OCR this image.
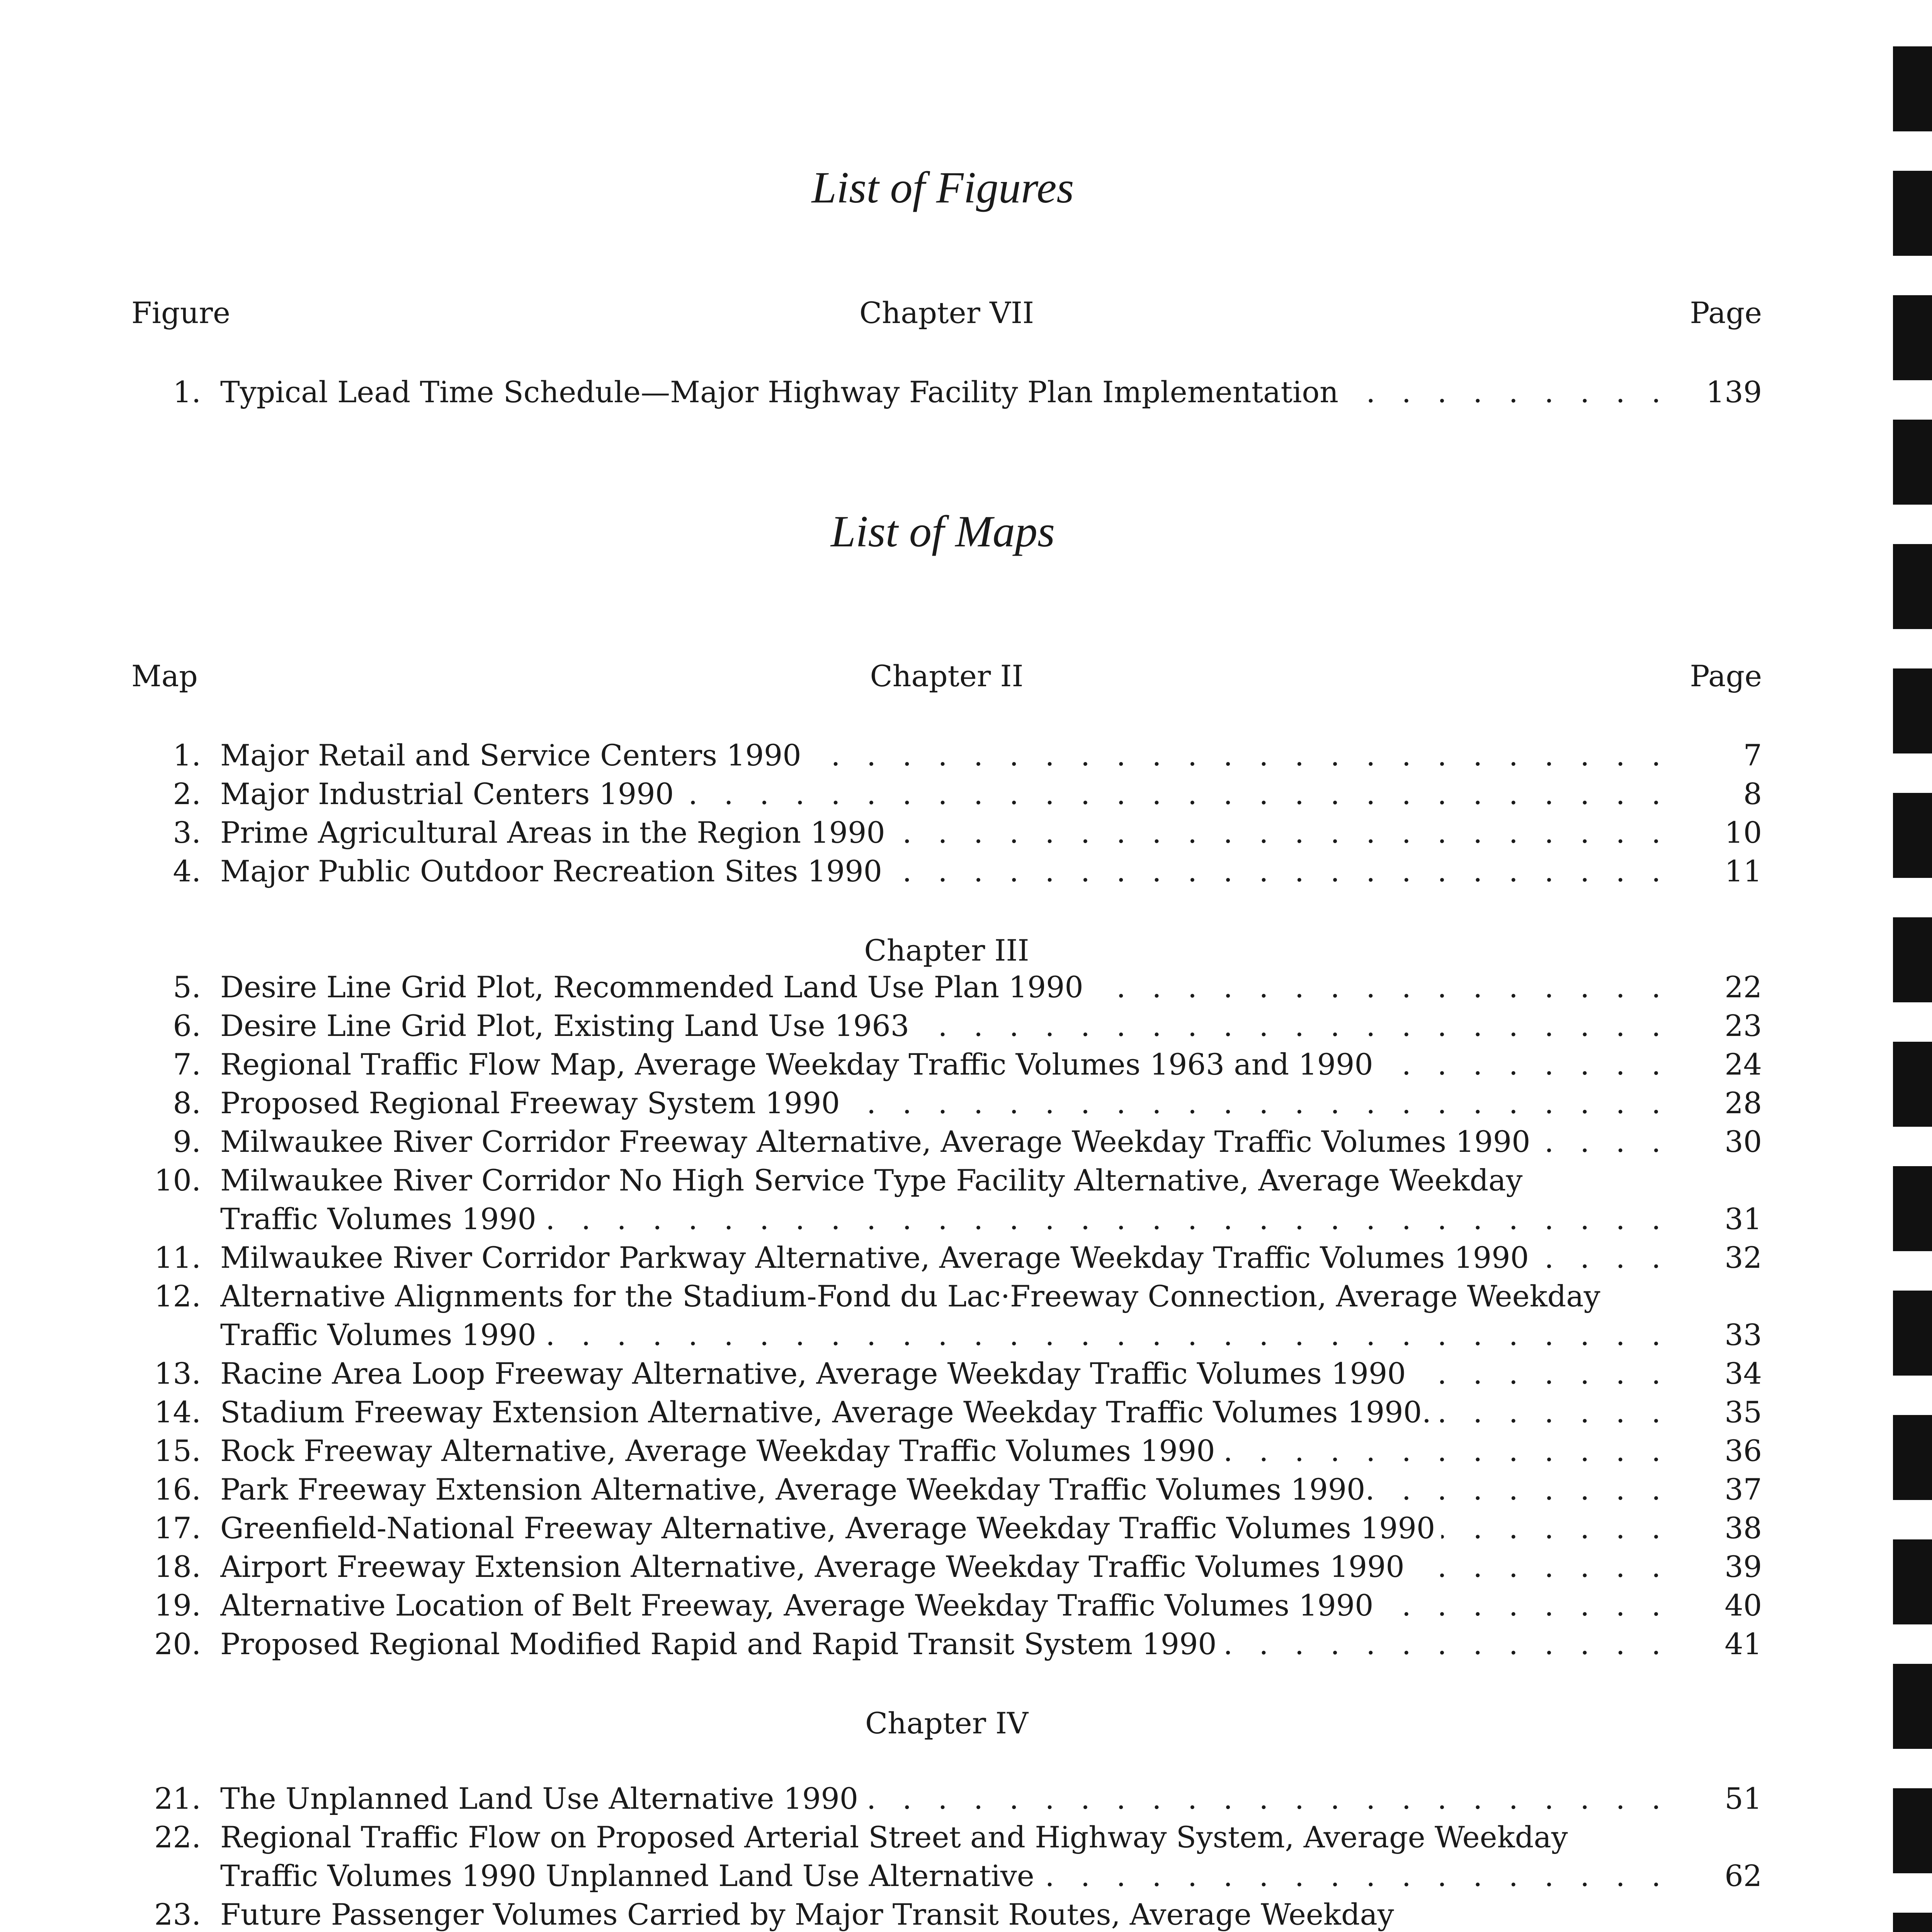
List of Figures
Figure	Chapter VII	Page
1. Typical Lead Time Schedule—Major Highway Facility Plan Implementation . . .	139
List of Maps
Map	Chapter II	Page
1. Major Retail and Service Centers 1990 . . .	7
2. Major Industrial Centers 1990 . . .	8
3. Prime Agricultural Areas in the Region 1990 . . .	10
4. Major Public Outdoor Recreation Sites 1990 . . .	11
Chapter III
5. Desire Line Grid Plot, Recommended Land Use Plan 1990 . . .	22
6. Desire Line Grid Plot, Existing Land Use 1963 . . .	23
7. Regional Traffic Flow Map, Average Weekday Traffic Volumes 1963 and 1990 . . .	24
8. Proposed Regional Freeway System 1990 . . .	28
9. Milwaukee River Corridor Freeway Alternative, Average Weekday Traffic Volumes 1990 . . .	30
10. Milwaukee River Corridor No High Service Type Facility Alternative, Average Weekday
Traffic Volumes 1990 . . .	31
11. Milwaukee River Corridor Parkway Alternative, Average Weekday Traffic Volumes 1990 . . .	32
12. Alternative Alignments for the Stadium-Fond du Lac·Freeway Connection, Average Weekday
Traffic Volumes 1990 . . .	33
13. Racine Area Loop Freeway Alternative, Average Weekday Traffic Volumes 1990 . . .	34
14. Stadium Freeway Extension Alternative, Average Weekday Traffic Volumes 1990. . . .	35
15. Rock Freeway Alternative, Average Weekday Traffic Volumes 1990 . . .	36
16. Park Freeway Extension Alternative, Average Weekday Traffic Volumes 1990. . . .	37
17. Greenfield-National Freeway Alternative, Average Weekday Traffic Volumes 1990 . . .	38
18. Airport Freeway Extension Alternative, Average Weekday Traffic Volumes 1990 . . .	39
19. Alternative Location of Belt Freeway, Average Weekday Traffic Volumes 1990 . . .	40
20. Proposed Regional Modified Rapid and Rapid Transit System 1990 . . .	41
Chapter IV
21. The Unplanned Land Use Alternative 1990 . . .	51
22. Regional Traffic Flow on Proposed Arterial Street and Highway System, Average Weekday
Traffic Volumes 1990 Unplanned Land Use Alternative . . .	62
23. Future Passenger Volumes Carried by Major Transit Routes, Average Weekday
